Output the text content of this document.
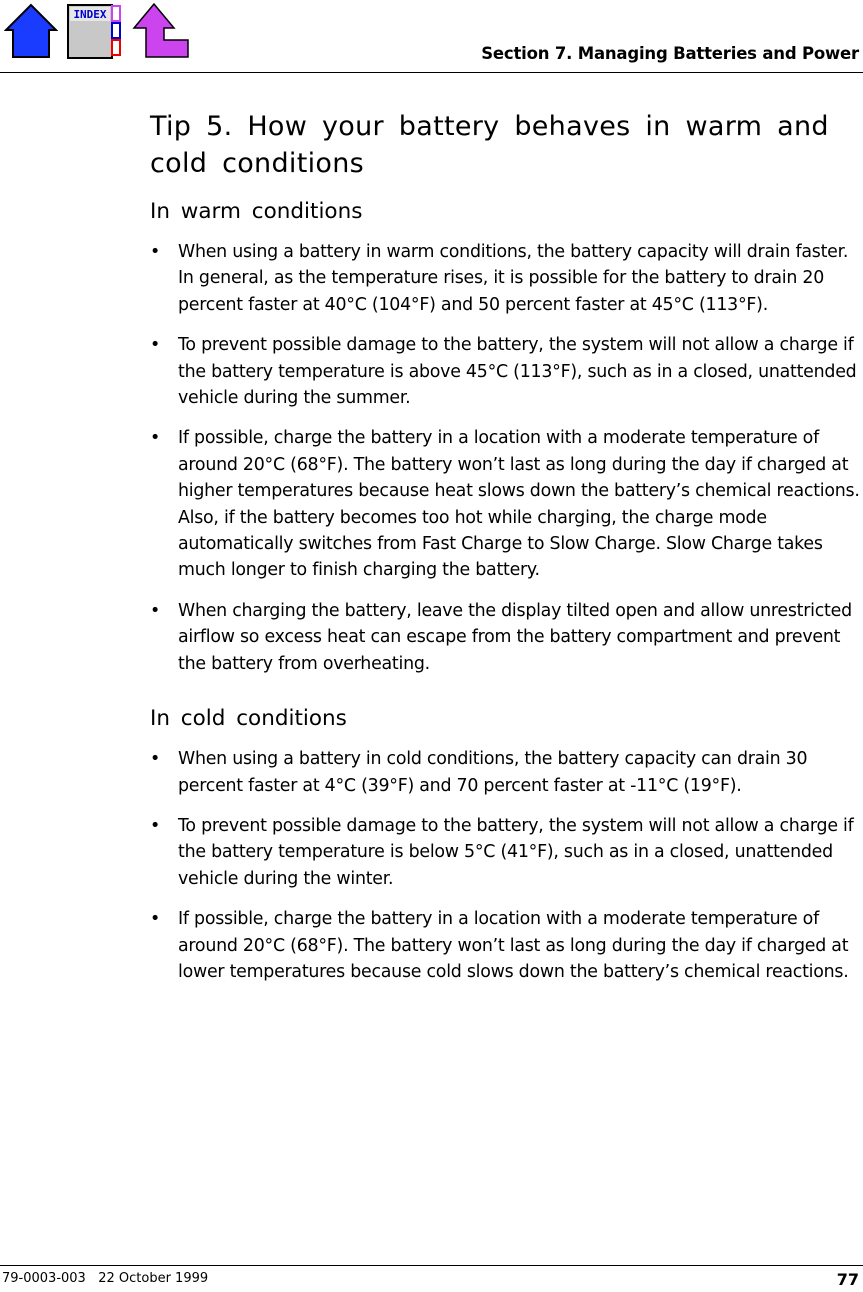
INDEX
Section 7. Managing Batteries and Power
Tip 5. How your battery behaves in warm and cold conditions
In warm conditions
•	When using a battery in warm conditions, the battery capacity will drain faster. In general, as the temperature rises, it is possible for the battery to drain 20 percent faster at 40°C (104°F) and 50 percent faster at 45°C (113°F).
•	To prevent possible damage to the battery, the system will not allow a charge if the battery temperature is above 45°C (113°F), such as in a closed, unattended vehicle during the summer.
•	If possible, charge the battery in a location with a moderate temperature of around 20°C (68°F). The battery won’t last as long during the day if charged at higher temperatures because heat slows down the battery’s chemical reactions. Also, if the battery becomes too hot while charging, the charge mode automatically switches from Fast Charge to Slow Charge. Slow Charge takes much longer to finish charging the battery.
•	When charging the battery, leave the display tilted open and allow unrestricted airflow so excess heat can escape from the battery compartment and prevent the battery from overheating.
In cold conditions
•	When using a battery in cold conditions, the battery capacity can drain 30 percent faster at 4°C (39°F) and 70 percent faster at -11°C (19°F).
•	To prevent possible damage to the battery, the system will not allow a charge if the battery temperature is below 5°C (41°F), such as in a closed, unattended vehicle during the winter.
•	If possible, charge the battery in a location with a moderate temperature of around 20°C (68°F). The battery won’t last as long during the day if charged at lower temperatures because cold slows down the battery’s chemical reactions.
79-0003-003   22 October 1999	77
